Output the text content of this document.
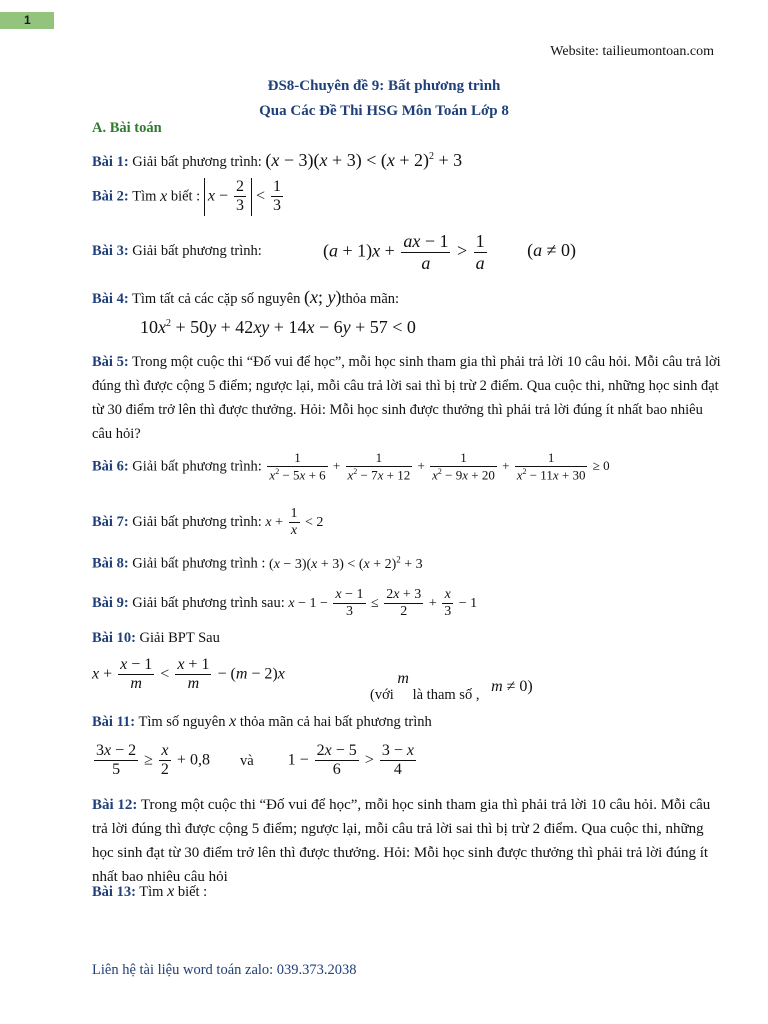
1
Website: tailieumontoan.com
ĐS8-Chuyên đề 9: Bất phương trình
Qua Các Đề Thi HSG Môn Toán Lớp 8
A. Bài toán
Bài 1: Giải bất phương trình: $(x - 3)(x + 3) < (x + 2)^2 + 3$
Bài 2: Tìm x biết : $x - \frac{2}{3} < \frac{1}{3}$
Bài 3: Giải bất phương trình:	$(a + 1)x + \frac{ax - 1}{a} > \frac{1}{a} (a \ne 0)$
Bài 4: Tìm tất cả các cặp số nguyên (x; y)thỏa mãn:
$10x^2 + 50y + 42xy + 14x - 6y + 57 < 0$
Bài 5: Trong một cuộc thi “Đố vui để học”, mỗi học sinh tham gia thì phải trả lời 10 câu hỏi. Mỗi câu trả lời đúng thì được cộng 5 điểm; ngược lại, mỗi câu trả lời sai thì bị trừ 2 điểm. Qua cuộc thi, những học sinh đạt từ 30 điểm trở lên thì được thưởng. Hỏi: Mỗi học sinh được thưởng thì phải trả lời đúng ít nhất bao nhiêu câu hỏi?
Bài 6: Giải bất phương trình: $\frac{1}{x^2 - 5x + 6} + \frac{1}{x^2 - 7x + 12} + \frac{1}{x^2 - 9x + 20} + \frac{1}{x^2 - 11x + 30} \ge 0$
Bài 7: Giải bất phương trình: $x + \frac{1}{x} < 2$
Bài 8: Giải bất phương trình : $(x - 3)(x + 3) < (x + 2)^2 + 3$
Bài 9: Giải bất phương trình sau: $x - 1 - \frac{x - 1}{3} \le \frac{2x + 3}{2} + \frac{x}{3} - 1$
Bài 10: Giải BPT Sau
$x + \frac{x - 1}{m} < \frac{x + 1}{m} - (m - 2)x$
(với m là tham số , m ≠ 0)
Bài 11: Tìm số nguyên x thỏa mãn cả hai bất phương trình
$\frac{3x - 2}{5} \ge \frac{x}{2} + 0,8$ và $1 - \frac{2x - 5}{6} > \frac{3 - x}{4}$
Bài 12: Trong một cuộc thi “Đố vui để học”, mỗi học sinh tham gia thì phải trả lời 10 câu hỏi. Mỗi câu trả lời đúng thì được cộng 5 điểm; ngược lại, mỗi câu trả lời sai thì bị trừ 2 điểm. Qua cuộc thi, những học sinh đạt từ 30 điểm trở lên thì được thưởng. Hỏi: Mỗi học sinh được thưởng thì phải trả lời đúng ít nhất bao nhiêu câu hỏi
Bài 13: Tìm x biết :
Liên hệ tài liệu word toán zalo: 039.373.2038
